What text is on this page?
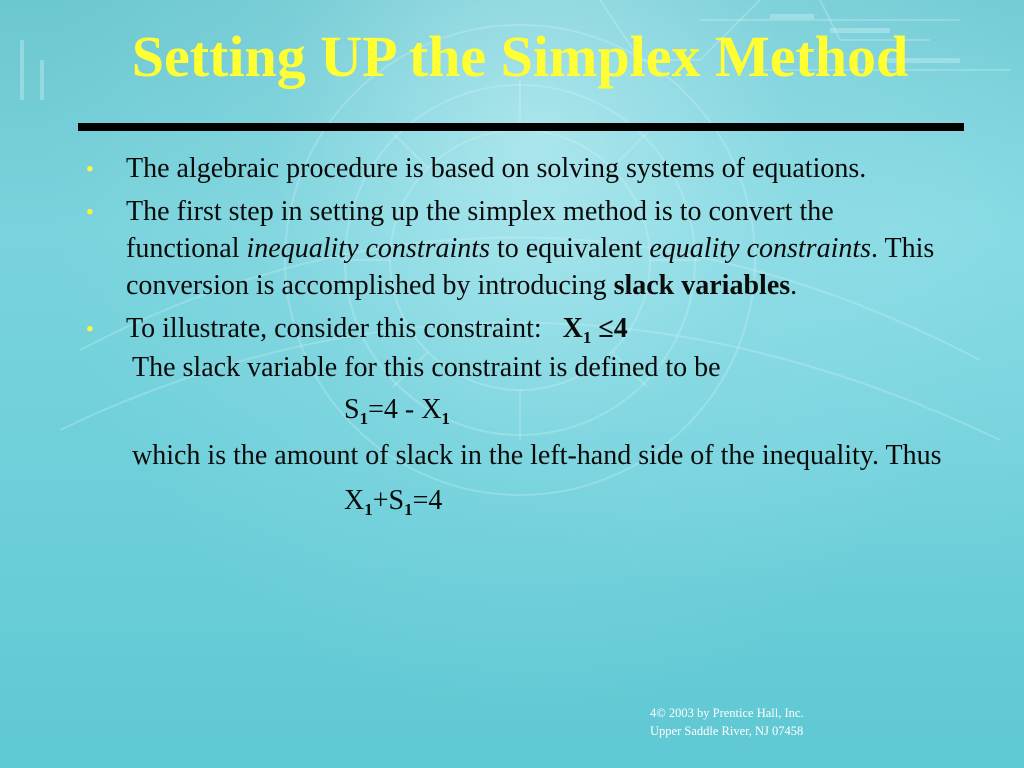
Setting UP the Simplex Method
• The algebraic procedure is based on solving systems of equations.
• The first step in setting up the simplex method is to convert the functional inequality constraints to equivalent equality constraints. This conversion is accomplished by introducing slack variables.
• To illustrate, consider this constraint: $X_1 \le 4$
The slack variable for this constraint is defined to be
$S_1=4 - X_1$
which is the amount of slack in the left-hand side of the inequality. Thus
$X_1+S_1=4$
4© 2003 by Prentice Hall, Inc.
Upper Saddle River, NJ 07458
